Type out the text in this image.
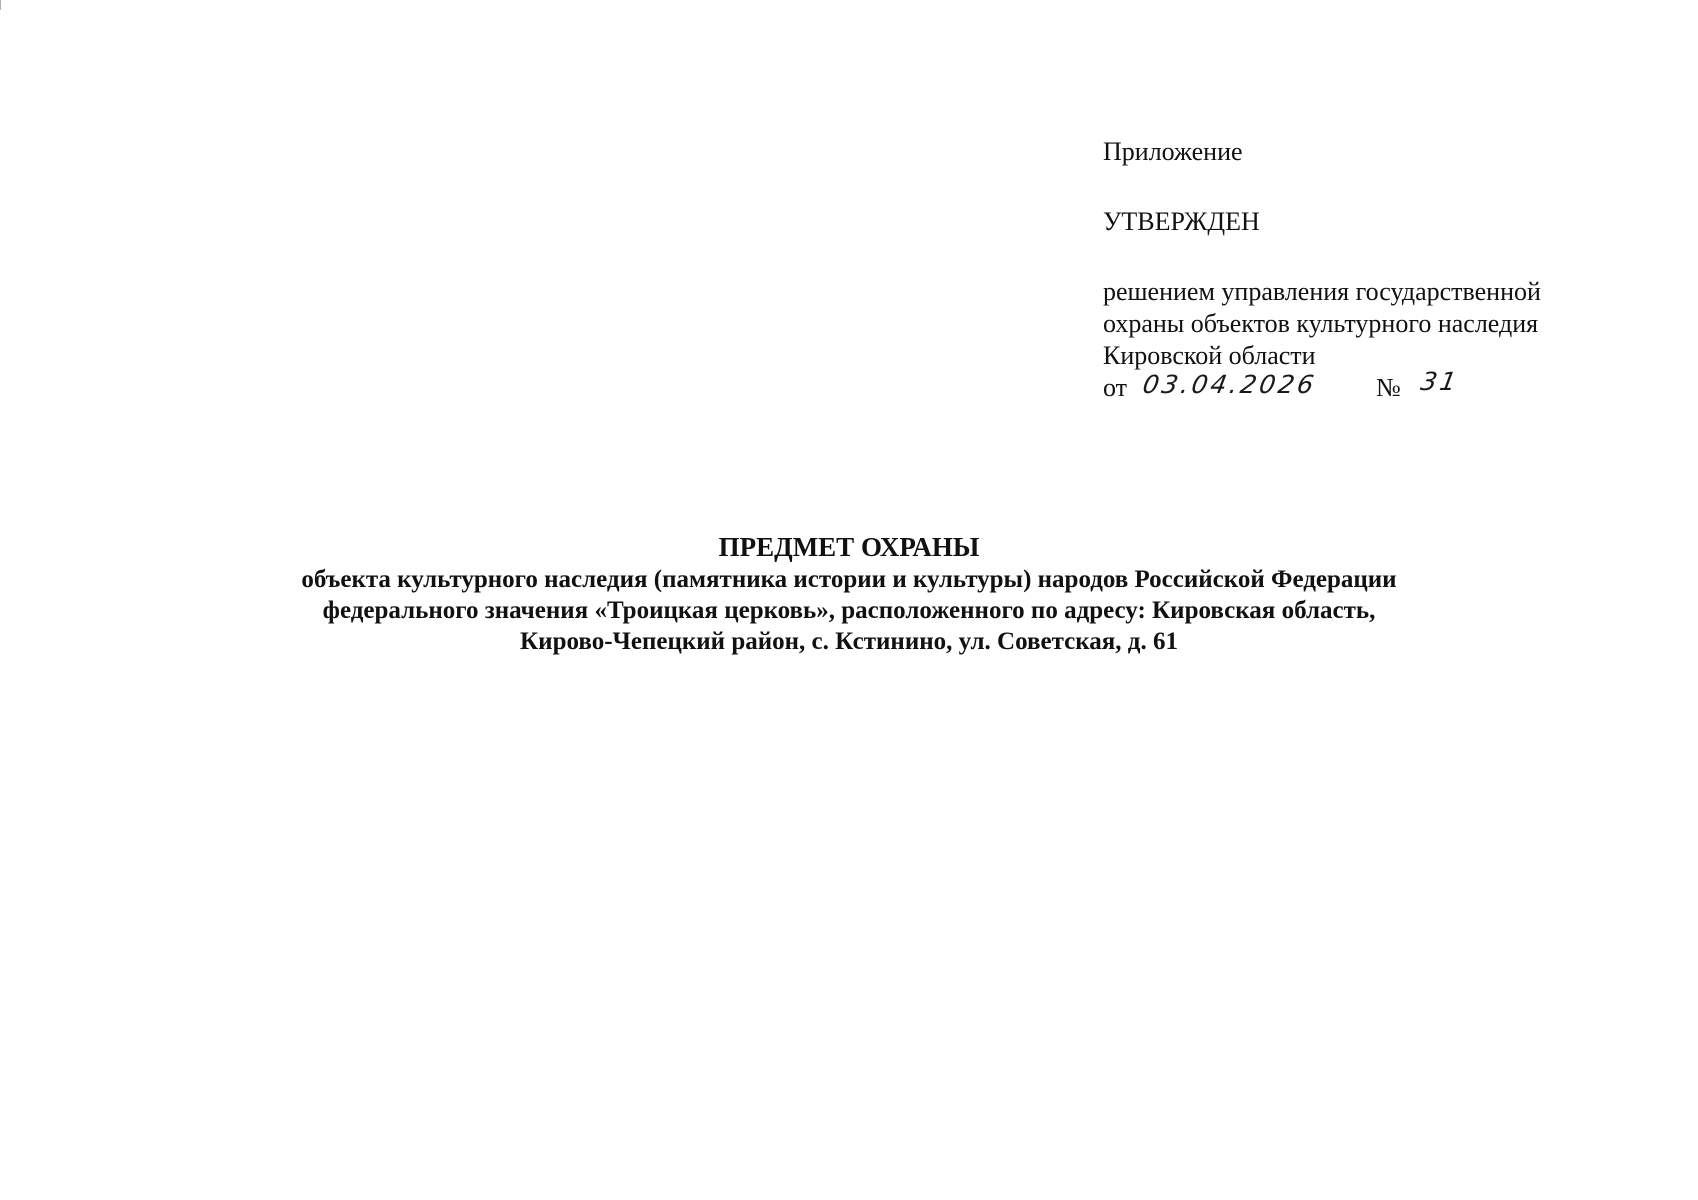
Приложение
УТВЕРЖДЕН
решением управления государственной
охраны объектов культурного наследия
Кировской области
от 03.04.2026 № 31
ПРЕДМЕТ ОХРАНЫ
объекта культурного наследия (памятника истории и культуры) народов Российской Федерации
федерального значения «Троицкая церковь», расположенного по адресу: Кировская область,
Кирово-Чепецкий район, с. Кстинино, ул. Советская, д. 61
